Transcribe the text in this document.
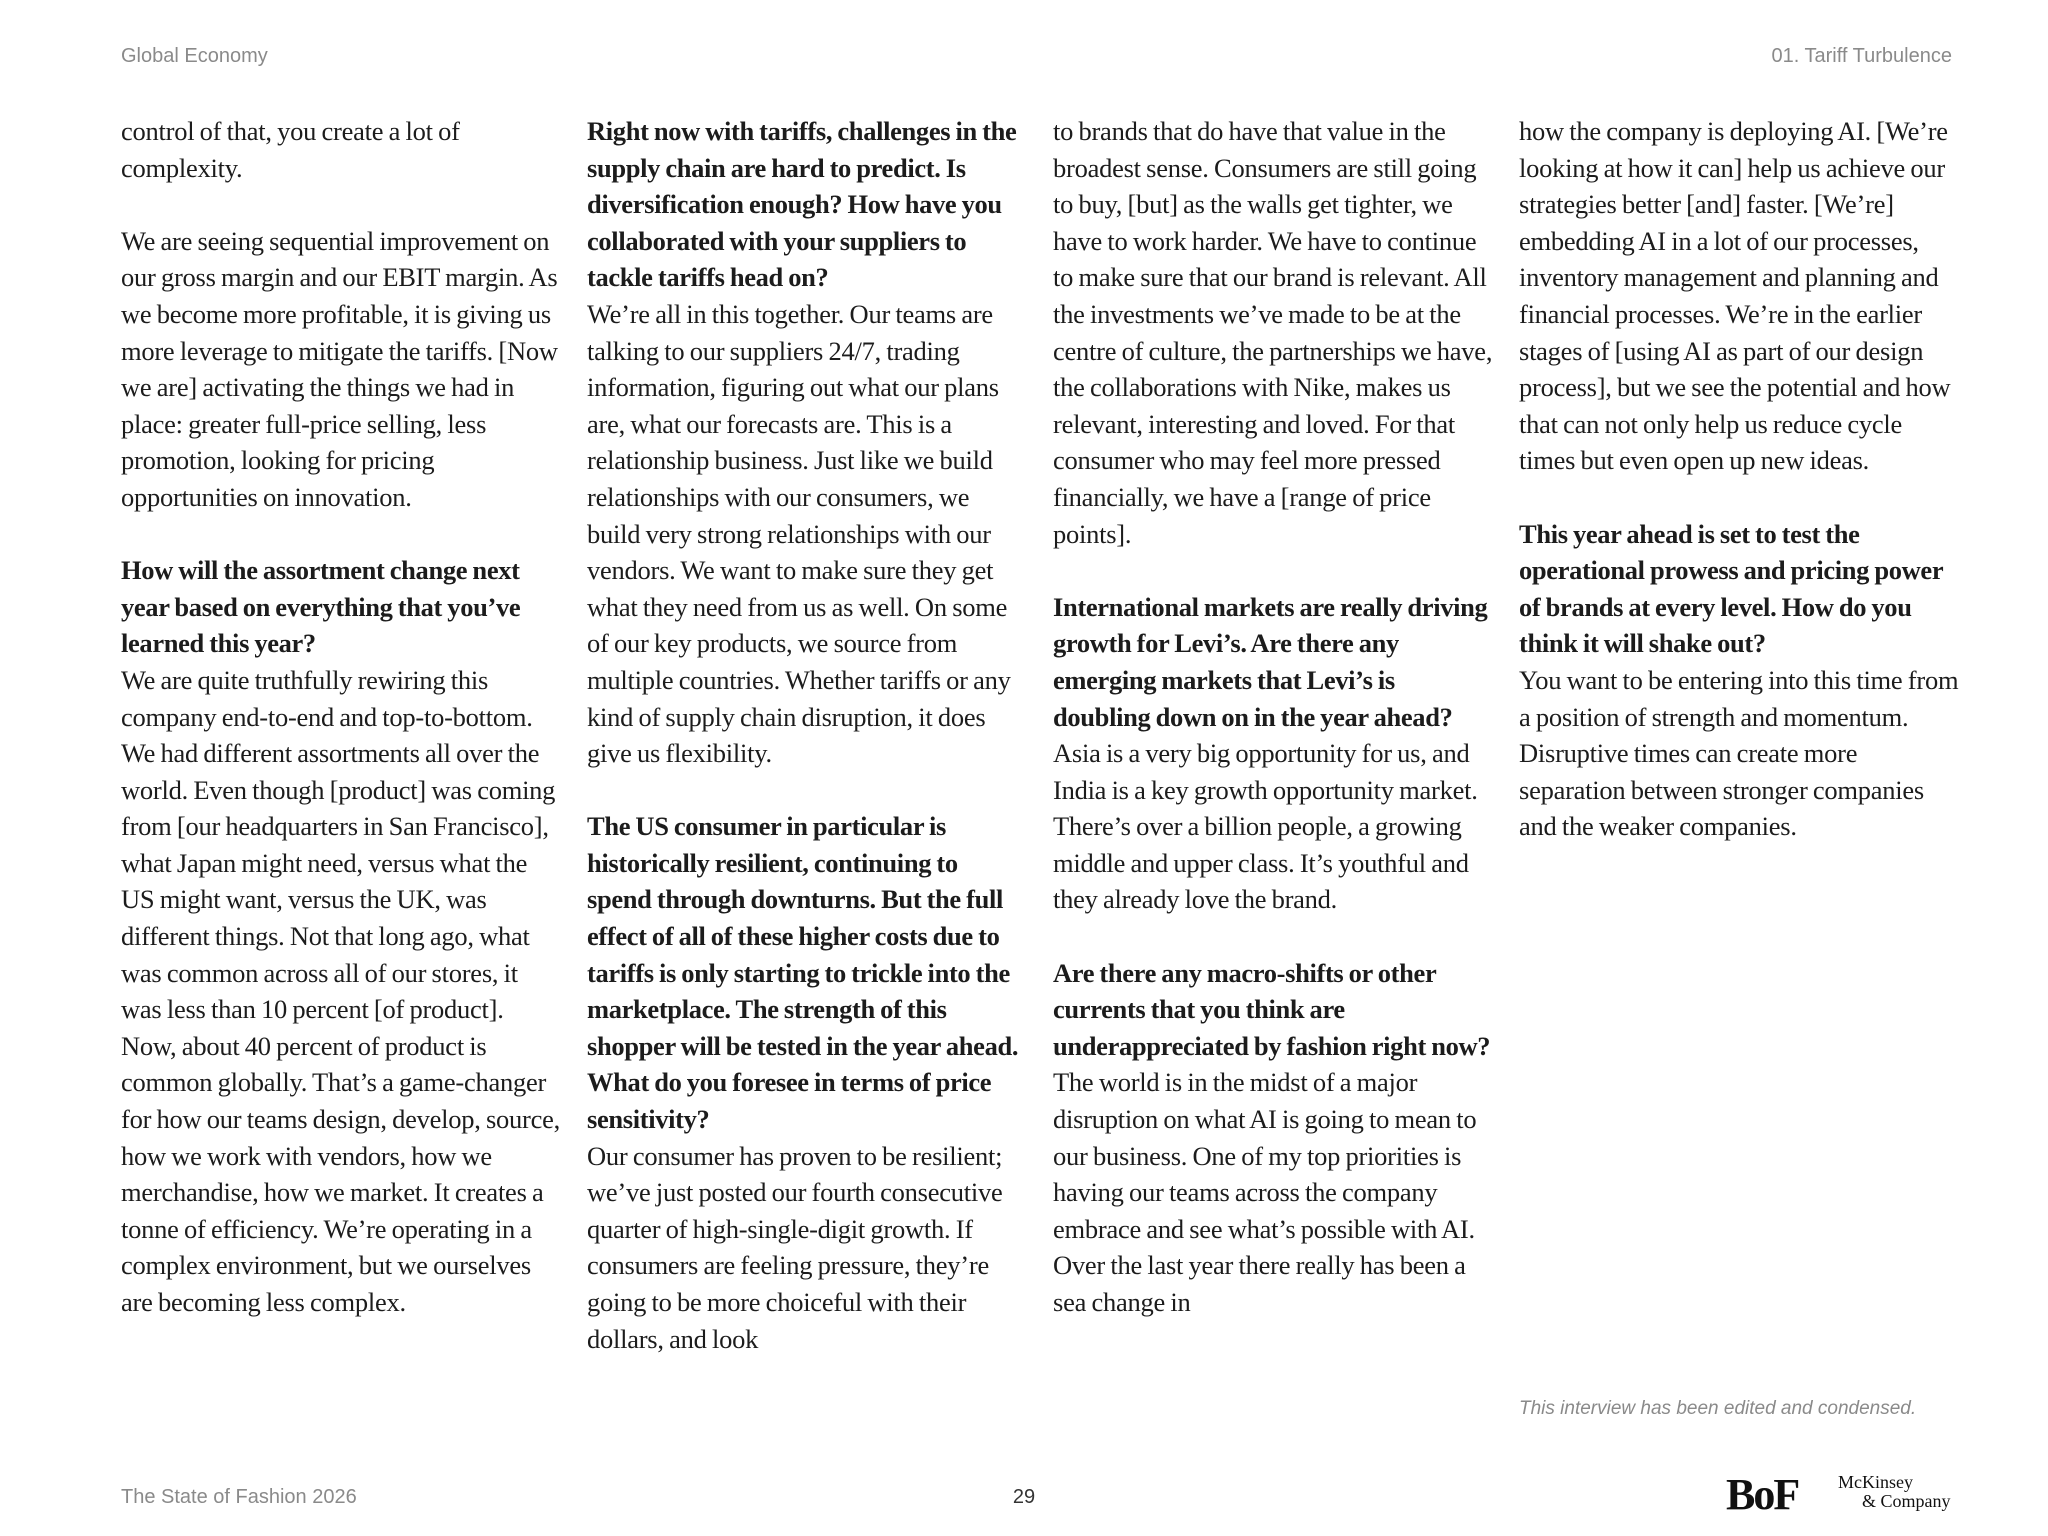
Global Economy	01. Tariff Turbulence

control of that, you create a lot of complexity.

We are seeing sequential improvement on our gross margin and our EBIT margin. As we become more profitable, it is giving us more leverage to mitigate the tariffs. [Now we are] activating the things we had in place: greater full-price selling, less promotion, looking for pricing opportunities on innovation.

How will the assortment change next year based on everything that you’ve learned this year?

We are quite truthfully rewiring this company end-to-end and top-to-bottom. We had different assortments all over the world. Even though [product] was coming from [our headquarters in San Francisco], what Japan might need, versus what the US might want, versus the UK, was different things. Not that long ago, what was common across all of our stores, it was less than 10 percent [of product]. Now, about 40 percent of product is common globally. That’s a game-changer for how our teams design, develop, source, how we work with vendors, how we merchandise, how we market. It creates a tonne of efficiency. We’re operating in a complex environment, but we ourselves are becoming less complex.

Right now with tariffs, challenges in the supply chain are hard to predict. Is diversification enough? How have you collaborated with your suppliers to tackle tariffs head on?

We’re all in this together. Our teams are talking to our suppliers 24/7, trading information, figuring out what our plans are, what our forecasts are. This is a relationship business. Just like we build relationships with our consumers, we build very strong relationships with our vendors. We want to make sure they get what they need from us as well. On some of our key products, we source from multiple countries. Whether tariffs or any kind of supply chain disruption, it does give us flexibility.

The US consumer in particular is historically resilient, continuing to spend through downturns. But the full effect of all of these higher costs due to tariffs is only starting to trickle into the marketplace. The strength of this shopper will be tested in the year ahead. What do you foresee in terms of price sensitivity?

Our consumer has proven to be resilient; we’ve just posted our fourth consecutive quarter of high-single-digit growth. If consumers are feeling pressure, they’re going to be more choiceful with their dollars, and look

to brands that do have that value in the broadest sense. Consumers are still going to buy, [but] as the walls get tighter, we have to work harder. We have to continue to make sure that our brand is relevant. All the investments we’ve made to be at the centre of culture, the partnerships we have, the collaborations with Nike, makes us relevant, interesting and loved. For that consumer who may feel more pressed financially, we have a [range of price points].

International markets are really driving growth for Levi’s. Are there any emerging markets that Levi’s is doubling down on in the year ahead?

Asia is a very big opportunity for us, and India is a key growth opportunity market. There’s over a billion people, a growing middle and upper class. It’s youthful and they already love the brand.

Are there any macro-shifts or other currents that you think are underappreciated by fashion right now?

The world is in the midst of a major disruption on what AI is going to mean to our business. One of my top priorities is having our teams across the company embrace and see what’s possible with AI. Over the last year there really has been a sea change in

how the company is deploying AI. [We’re looking at how it can] help us achieve our strategies better [and] faster. [We’re] embedding AI in a lot of our processes, inventory management and planning and financial processes. We’re in the earlier stages of [using AI as part of our design process], but we see the potential and how that can not only help us reduce cycle times but even open up new ideas.

This year ahead is set to test the operational prowess and pricing power of brands at every level. How do you think it will shake out?

You want to be entering into this time from a position of strength and momentum. Disruptive times can create more separation between stronger companies and the weaker companies.

This interview has been edited and condensed.
The State of Fashion 2026	29	BoF McKinsey
& Company
